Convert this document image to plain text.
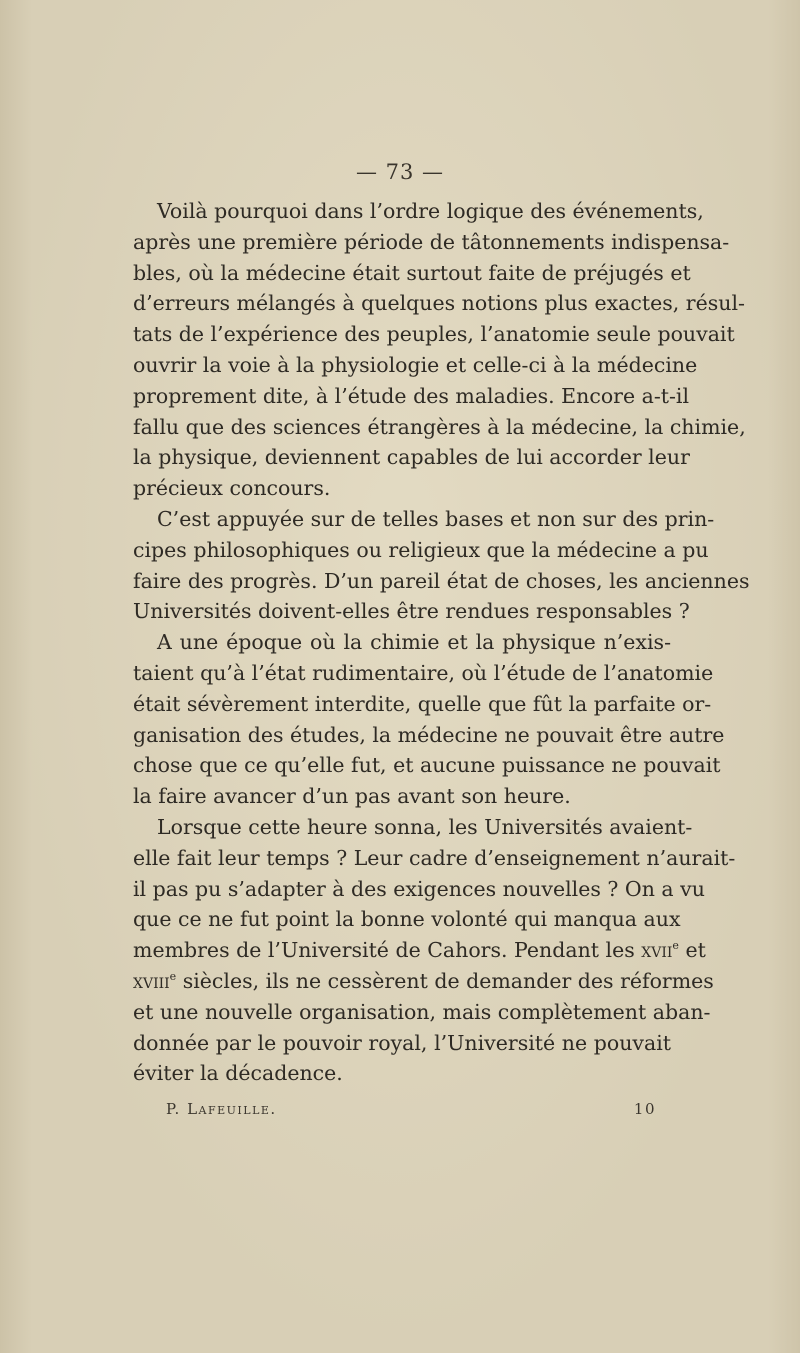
— 73 —
Voilà pourquoi dans l’ordre logique des événements,
après une première période de tâtonnements indispensa-
bles, où la médecine était surtout faite de préjugés et
d’erreurs mélangés à quelques notions plus exactes, résul-
tats de l’expérience des peuples, l’anatomie seule pouvait
ouvrir la voie à la physiologie et celle-ci à la médecine
proprement dite, à l’étude des maladies. Encore a-t-il
fallu que des sciences étrangères à la médecine, la chimie,
la physique, deviennent capables de lui accorder leur
précieux concours.
C’est appuyée sur de telles bases et non sur des prin-
cipes philosophiques ou religieux que la médecine a pu
faire des progrès. D’un pareil état de choses, les anciennes
Universités doivent-elles être rendues responsables ?
A une époque où la chimie et la physique n’exis-
taient qu’à l’état rudimentaire, où l’étude de l’anatomie
était sévèrement interdite, quelle que fût la parfaite or-
ganisation des études, la médecine ne pouvait être autre
chose que ce qu’elle fut, et aucune puissance ne pouvait
la faire avancer d’un pas avant son heure.
Lorsque cette heure sonna, les Universités avaient-
elle fait leur temps ? Leur cadre d’enseignement n’aurait-
il pas pu s’adapter à des exigences nouvelles ? On a vu
que ce ne fut point la bonne volonté qui manqua aux
membres de l’Université de Cahors. Pendant les xvii$^e$ et
xviii$^e$ siècles, ils ne cessèrent de demander des réformes
et une nouvelle organisation, mais complètement aban-
donnée par le pouvoir royal, l’Université ne pouvait
éviter la décadence.
P. Lafeuille.	10
